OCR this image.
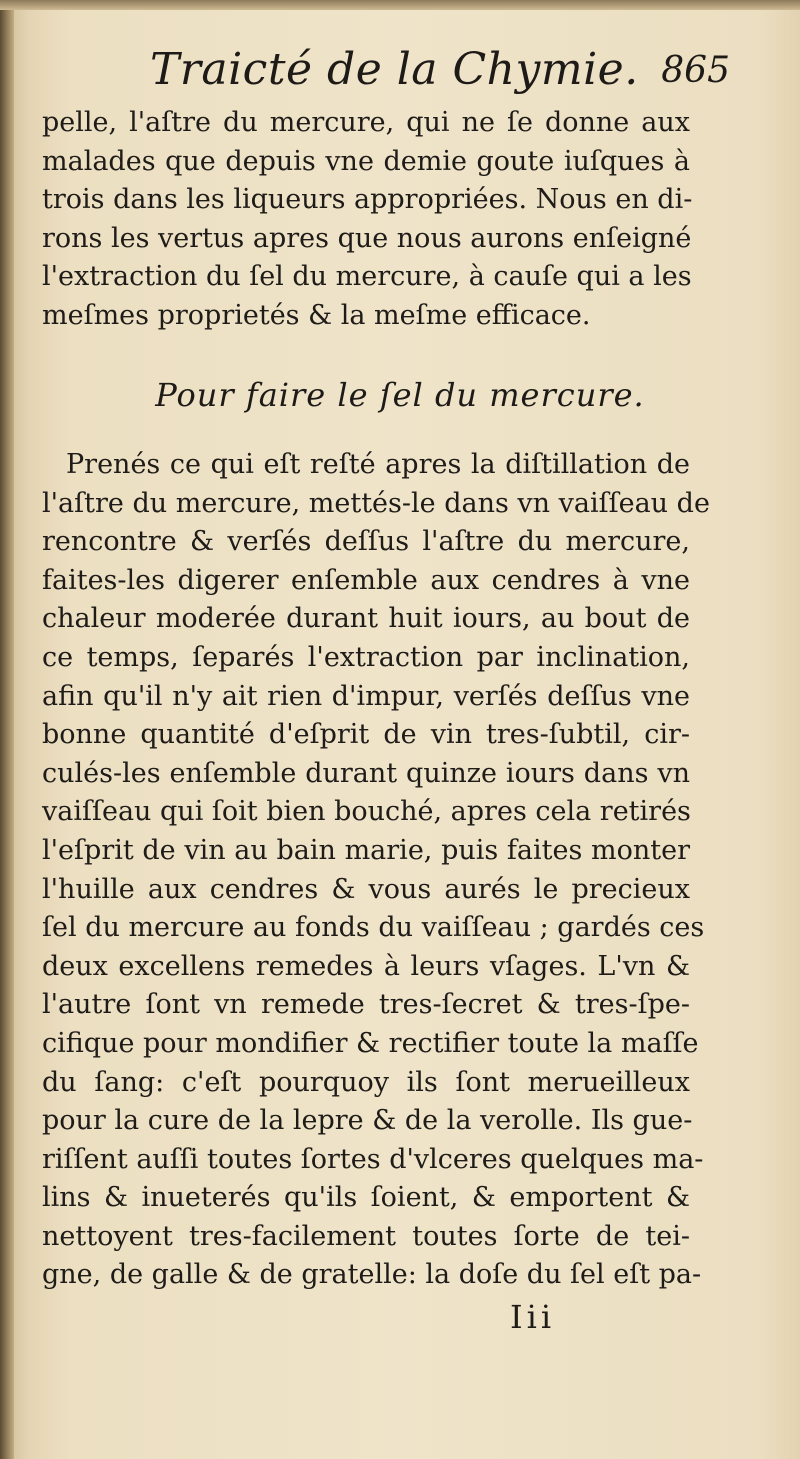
Traicté de la Chymie. 865
pelle, l'aſtre du mercure, qui ne ſe donne aux
malades que depuis vne demie goute iuſques à
trois dans les liqueurs appropriées. Nous en di-
rons les vertus apres que nous aurons enſeigné
l'extraction du ſel du mercure, à cauſe qui a les
meſmes proprietés & la meſme efficace.
Pour faire le ſel du mercure.
Prenés ce qui eſt reſté apres la diſtillation de
l'aſtre du mercure, mettés-le dans vn vaiſſeau de
rencontre & verſés deſſus l'aſtre du mercure,
faites-les digerer enſemble aux cendres à vne
chaleur moderée durant huit iours, au bout de
ce temps, ſeparés l'extraction par inclination,
afin qu'il n'y ait rien d'impur, verſés deſſus vne
bonne quantité d'eſprit de vin tres-ſubtil, cir-
culés-les enſemble durant quinze iours dans vn
vaiſſeau qui ſoit bien bouché, apres cela retirés
l'eſprit de vin au bain marie, puis faites monter
l'huille aux cendres & vous aurés le precieux
ſel du mercure au fonds du vaiſſeau ; gardés ces
deux excellens remedes à leurs vſages. L'vn &
l'autre ſont vn remede tres-ſecret & tres-ſpe-
cifique pour mondifier & rectifier toute la maſſe
du ſang: c'eſt pourquoy ils ſont merueilleux
pour la cure de la lepre & de la verolle. Ils gue-
riſſent auſſi toutes ſortes d'vlceres quelques ma-
lins & inueterés qu'ils ſoient, & emportent &
nettoyent tres-facilement toutes ſorte de tei-
gne, de galle & de gratelle: la doſe du ſel eſt pa-
Iii
